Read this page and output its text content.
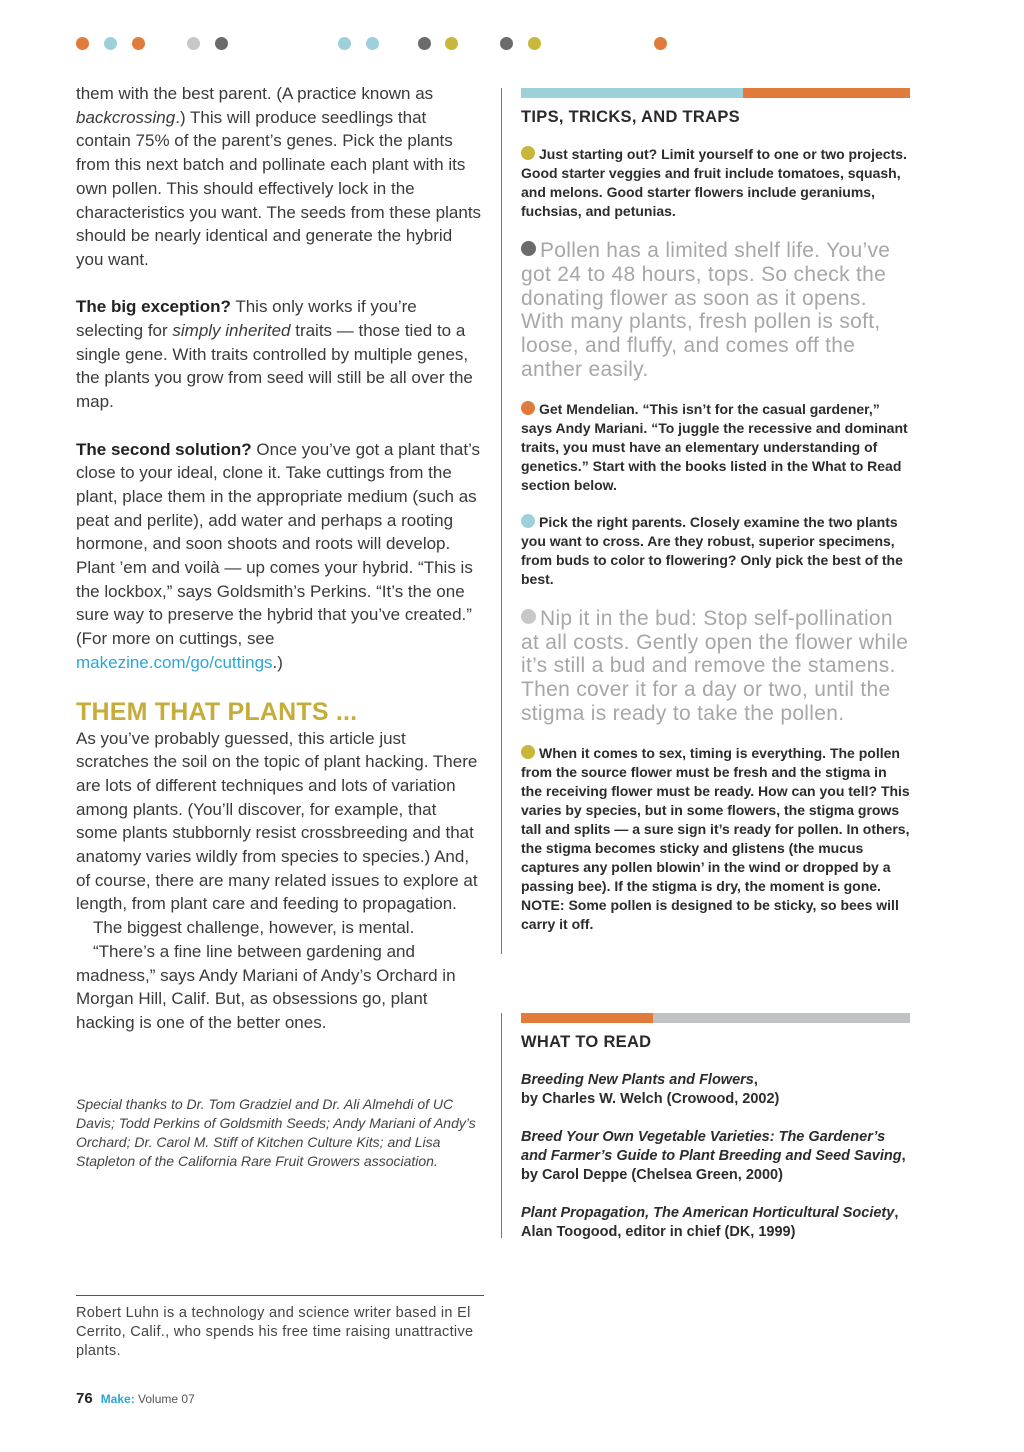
them with the best parent. (A practice known as backcrossing.) This will produce seedlings that contain 75% of the parent’s genes. Pick the plants from this next batch and pollinate each plant with its own pollen. This should effectively lock in the characteristics you want. The seeds from these plants should be nearly identical and generate the hybrid you want.

The big exception? This only works if you’re selecting for simply inherited traits — those tied to a single gene. With traits controlled by multiple genes, the plants you grow from seed will still be all over the map.

The second solution? Once you’ve got a plant that’s close to your ideal, clone it. Take cuttings from the plant, place them in the appropriate medium (such as peat and perlite), add water and perhaps a rooting hormone, and soon shoots and roots will develop. Plant ’em and voilà — up comes your hybrid. “This is the lockbox,” says Goldsmith’s Perkins. “It’s the one sure way to preserve the hybrid that you’ve created.” (For more on cuttings, see makezine.com/go/cuttings.)

THEM THAT PLANTS ...

As you’ve probably guessed, this article just scratches the soil on the topic of plant hacking. There are lots of different techniques and lots of variation among plants. (You’ll discover, for example, that some plants stubbornly resist crossbreeding and that anatomy varies wildly from species to species.) And, of course, there are many related issues to explore at length, from plant care and feeding to propagation.

The biggest challenge, however, is mental.

“There’s a fine line between gardening and madness,” says Andy Mariani of Andy’s Orchard in Morgan Hill, Calif. But, as obsessions go, plant hacking is one of the better ones.

Special thanks to Dr. Tom Gradziel and Dr. Ali Almehdi of UC Davis; Todd Perkins of Goldsmith Seeds; Andy Mariani of Andy’s Orchard; Dr. Carol M. Stiff of Kitchen Culture Kits; and Lisa Stapleton of the California Rare Fruit Growers association.

Robert Luhn is a technology and science writer based in El Cerrito, Calif., who spends his free time raising unattractive plants.

76 Make: Volume 07
TIPS, TRICKS, AND TRAPS

Just starting out? Limit yourself to one or two projects. Good starter veggies and fruit include tomatoes, squash, and melons. Good starter flowers include geraniums, fuchsias, and petunias.

Pollen has a limited shelf life. You’ve got 24 to 48 hours, tops. So check the donating flower as soon as it opens. With many plants, fresh pollen is soft, loose, and fluffy, and comes off the anther easily.

Get Mendelian. “This isn’t for the casual gardener,” says Andy Mariani. “To juggle the recessive and dominant traits, you must have an elementary understanding of genetics.” Start with the books listed in the What to Read section below.

Pick the right parents. Closely examine the two plants you want to cross. Are they robust, superior specimens, from buds to color to flowering? Only pick the best of the best.

Nip it in the bud: Stop self-pollination at all costs. Gently open the flower while it’s still a bud and remove the stamens. Then cover it for a day or two, until the stigma is ready to take the pollen.

When it comes to sex, timing is everything. The pollen from the source flower must be fresh and the stigma in the receiving flower must be ready. How can you tell? This varies by species, but in some flowers, the stigma grows tall and splits — a sure sign it’s ready for pollen. In others, the stigma becomes sticky and glistens (the mucus captures any pollen blowin’ in the wind or dropped by a passing bee). If the stigma is dry, the moment is gone. NOTE: Some pollen is designed to be sticky, so bees will carry it off.

WHAT TO READ

Breeding New Plants and Flowers,
by Charles W. Welch (Crowood, 2002)

Breed Your Own Vegetable Varieties: The Gardener’s and Farmer’s Guide to Plant Breeding and Seed Saving,
by Carol Deppe (Chelsea Green, 2000)

Plant Propagation, The American Horticultural Society,
Alan Toogood, editor in chief (DK, 1999)
